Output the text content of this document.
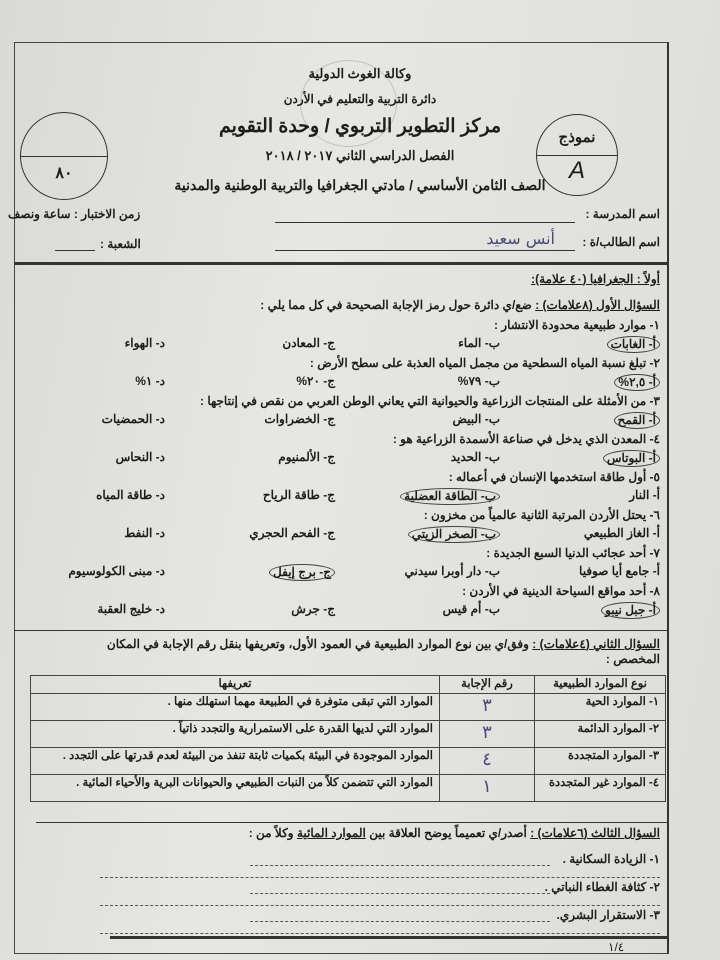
وكالة الغوث الدولية
دائرة التربية والتعليم في الأردن
مركز التطوير التربوي / وحدة التقويم
الفصل الدراسي الثاني ٢٠١٧ / ٢٠١٨
الصف الثامن الأساسي / مادتي الجغرافيا والتربية الوطنية والمدنية
٨٠
نموذج
A
اسم المدرسة :
زمن الاختبار : ساعة ونصف
اسم الطالب/ة :
أنس سعيد
الشعبة :
أولاً : الجغرافيا (٤٠ علامة):
السؤال الأول (٨علامات) : ضع/ي دائرة حول رمز الإجابة الصحيحة في كل مما يلي :
١- موارد طبيعية محدودة الانتشار :
أ- الغابات
ب- الماء
ج- المعادن
د- الهواء
٢- تبلغ نسبة المياه السطحية من مجمل المياه العذبة على سطح الأرض :
أ- ٢,٥%
ب- ٧٩%
ج- ٢٠%
د- ١%
٣- من الأمثلة على المنتجات الزراعية والحيوانية التي يعاني الوطن العربي من نقص في إنتاجها :
أ- القمح
ب- البيض
ج- الخضراوات
د- الحمضيات
٤- المعدن الذي يدخل في صناعة الأسمدة الزراعية هو :
أ- البوتاس
ب- الحديد
ج- الألمنيوم
د- النحاس
٥- أول طاقة استخدمها الإنسان في أعماله :
أ- النار
ب- الطاقة العضلية
ج- طاقة الرياح
د- طاقة المياه
٦- يحتل الأردن المرتبة الثانية عالمياً من مخزون :
أ- الغاز الطبيعي
ب- الصخر الزيتي
ج- الفحم الحجري
د- النفط
٧- أحد عجائب الدنيا السبع الجديدة :
أ- جامع أيا صوفيا
ب- دار أوبرا سيدني
ج- برج إيفل
د- مبنى الكولوسيوم
٨- أحد مواقع السياحة الدينية في الأردن :
أ- جبل نيبو
ب- أم قيس
ج- جرش
د- خليج العقبة
السؤال الثاني (٤علامات) : وفق/ي بين نوع الموارد الطبيعية في العمود الأول، وتعريفها بنقل رقم الإجابة في المكان المخصص :
نوع الموارد الطبيعية	رقم الإجابة	تعريفها
١- الموارد الحية	٣	الموارد التي تبقى متوفرة في الطبيعة مهما استهلك منها .
٢- الموارد الدائمة	٣	الموارد التي لديها القدرة على الاستمرارية والتجدد ذاتياً .
٣- الموارد المتجددة	٤	الموارد الموجودة في البيئة بكميات ثابتة تنفذ من البيئة لعدم قدرتها على التجدد .
٤- الموارد غير المتجددة	١	الموارد التي تتضمن كلاً من النبات الطبيعي والحيوانات البرية والأحياء المائية .
السؤال الثالث (٦علامات) : أصدر/ي تعميماً يوضح العلاقة بين الموارد المائية وكلاً من :
١- الزيادة السكانية .
٢- كثافة الغطاء النباتي .
٣- الاستقرار البشري.
١/٤
